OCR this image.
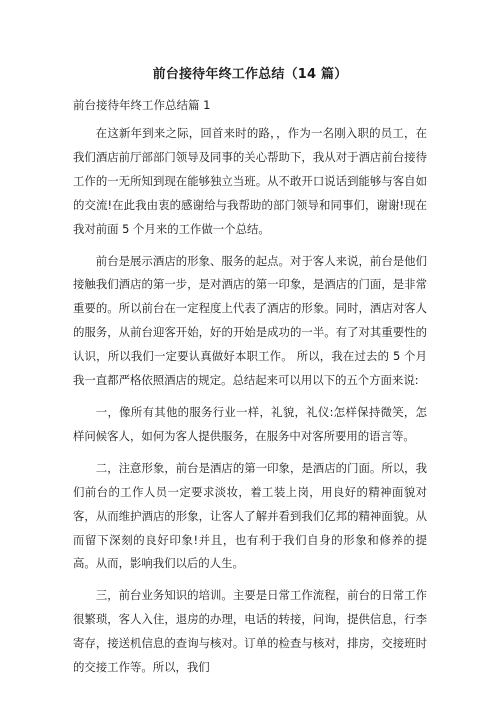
前台接待年终工作总结（14 篇）
前台接待年终工作总结篇 1

在这新年到来之际，回首来时的路，，作为一名刚入职的员工，在我们酒店前厅部部门领导及同事的关心帮助下，我从对于酒店前台接待工作的一无所知到现在能够独立当班。从不敢开口说话到能够与客自如的交流!在此我由衷的感谢给与我帮助的部门领导和同事们，谢谢!现在我对前面 5 个月来的工作做一个总结。

前台是展示酒店的形象、服务的起点。对于客人来说，前台是他们接触我们酒店的第一步，是对酒店的第一印象，是酒店的门面，是非常重要的。所以前台在一定程度上代表了酒店的形象。同时，酒店对客人的服务，从前台迎客开始，好的开始是成功的一半。有了对其重要性的认识，所以我们一定要认真做好本职工作。 所以，我在过去的 5 个月我一直都严格依照酒店的规定。总结起来可以用以下的五个方面来说:

一，像所有其他的服务行业一样，礼貌，礼仪:怎样保持微笑，怎样问候客人，如何为客人提供服务，在服务中对客所要用的语言等。

二，注意形象，前台是酒店的第一印象，是酒店的门面。所以，我们前台的工作人员一定要求淡妆，着工装上岗，用良好的精神面貌对客，从而维护酒店的形象，让客人了解并看到我们亿邦的精神面貌。从而留下深刻的良好印象!并且，也有利于我们自身的形象和修养的提高。从而，影响我们以后的人生。

三，前台业务知识的培训。主要是日常工作流程，前台的日常工作很繁琐，客人入住，退房的办理，电话的转接，问询，提供信息，行李寄存，接送机信息的查询与核对。订单的检查与核对，排房，交接班时的交接工作等。所以，我们
